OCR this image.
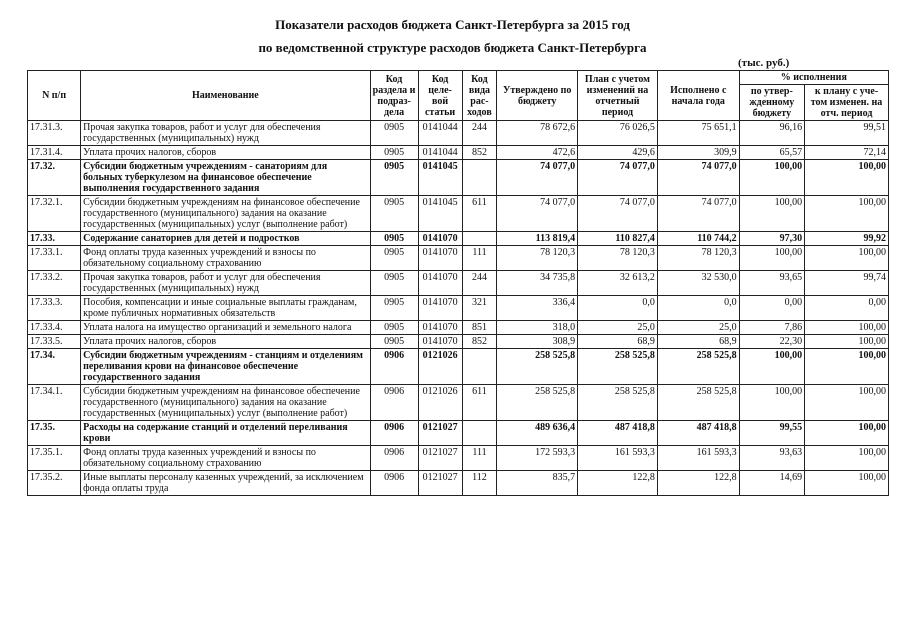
Показатели расходов бюджета Санкт-Петербурга за 2015 год
по ведомственной структуре расходов бюджета Санкт-Петербурга
(тыс. руб.)
N п/п	Наименование	Код раздела и подраз-дела	Код целе-вой статьи	Код вида рас-ходов	Утверждено по бюджету	План с учетом изменений на отчетный период	Исполнено с начала года	% исполнения	
								по утвер-жденному бюджету	к плану с уче-том изменен. на отч. период
17.31.3.	Прочая закупка товаров, работ и услуг для обеспечения государственных (муниципальных) нужд	0905	0141044	244	78 672,6	76 026,5	75 651,1	96,16	99,51
17.31.4.	Уплата прочих налогов, сборов	0905	0141044	852	472,6	429,6	309,9	65,57	72,14
17.32.	Субсидии бюджетным учреждениям - санаториям для больных туберкулезом на финансовое обеспечение выполнения государственного задания	0905	0141045		74 077,0	74 077,0	74 077,0	100,00	100,00
17.32.1.	Субсидии бюджетным учреждениям на финансовое обеспечение государственного (муниципального) задания на оказание государственных (муниципальных) услуг (выполнение работ)	0905	0141045	611	74 077,0	74 077,0	74 077,0	100,00	100,00
17.33.	Содержание санаториев для детей и подростков	0905	0141070		113 819,4	110 827,4	110 744,2	97,30	99,92
17.33.1.	Фонд оплаты труда казенных учреждений и взносы по обязательному социальному страхованию	0905	0141070	111	78 120,3	78 120,3	78 120,3	100,00	100,00
17.33.2.	Прочая закупка товаров, работ и услуг для обеспечения государственных (муниципальных) нужд	0905	0141070	244	34 735,8	32 613,2	32 530,0	93,65	99,74
17.33.3.	Пособия, компенсации и иные социальные выплаты гражданам, кроме публичных нормативных обязательств	0905	0141070	321	336,4	0,0	0,0	0,00	0,00
17.33.4.	Уплата налога на имущество организаций и земельного налога	0905	0141070	851	318,0	25,0	25,0	7,86	100,00
17.33.5.	Уплата прочих налогов, сборов	0905	0141070	852	308,9	68,9	68,9	22,30	100,00
17.34.	Субсидии бюджетным учреждениям - станциям и отделениям переливания крови на финансовое обеспечение государственного задания	0906	0121026		258 525,8	258 525,8	258 525,8	100,00	100,00
17.34.1.	Субсидии бюджетным учреждениям на финансовое обеспечение государственного (муниципального) задания на оказание государственных (муниципальных) услуг (выполнение работ)	0906	0121026	611	258 525,8	258 525,8	258 525,8	100,00	100,00
17.35.	Расходы на содержание станций и отделений переливания крови	0906	0121027		489 636,4	487 418,8	487 418,8	99,55	100,00
17.35.1.	Фонд оплаты труда казенных учреждений и взносы по обязательному социальному страхованию	0906	0121027	111	172 593,3	161 593,3	161 593,3	93,63	100,00
17.35.2.	Иные выплаты персоналу казенных учреждений, за исключением фонда оплаты труда	0906	0121027	112	835,7	122,8	122,8	14,69	100,00
